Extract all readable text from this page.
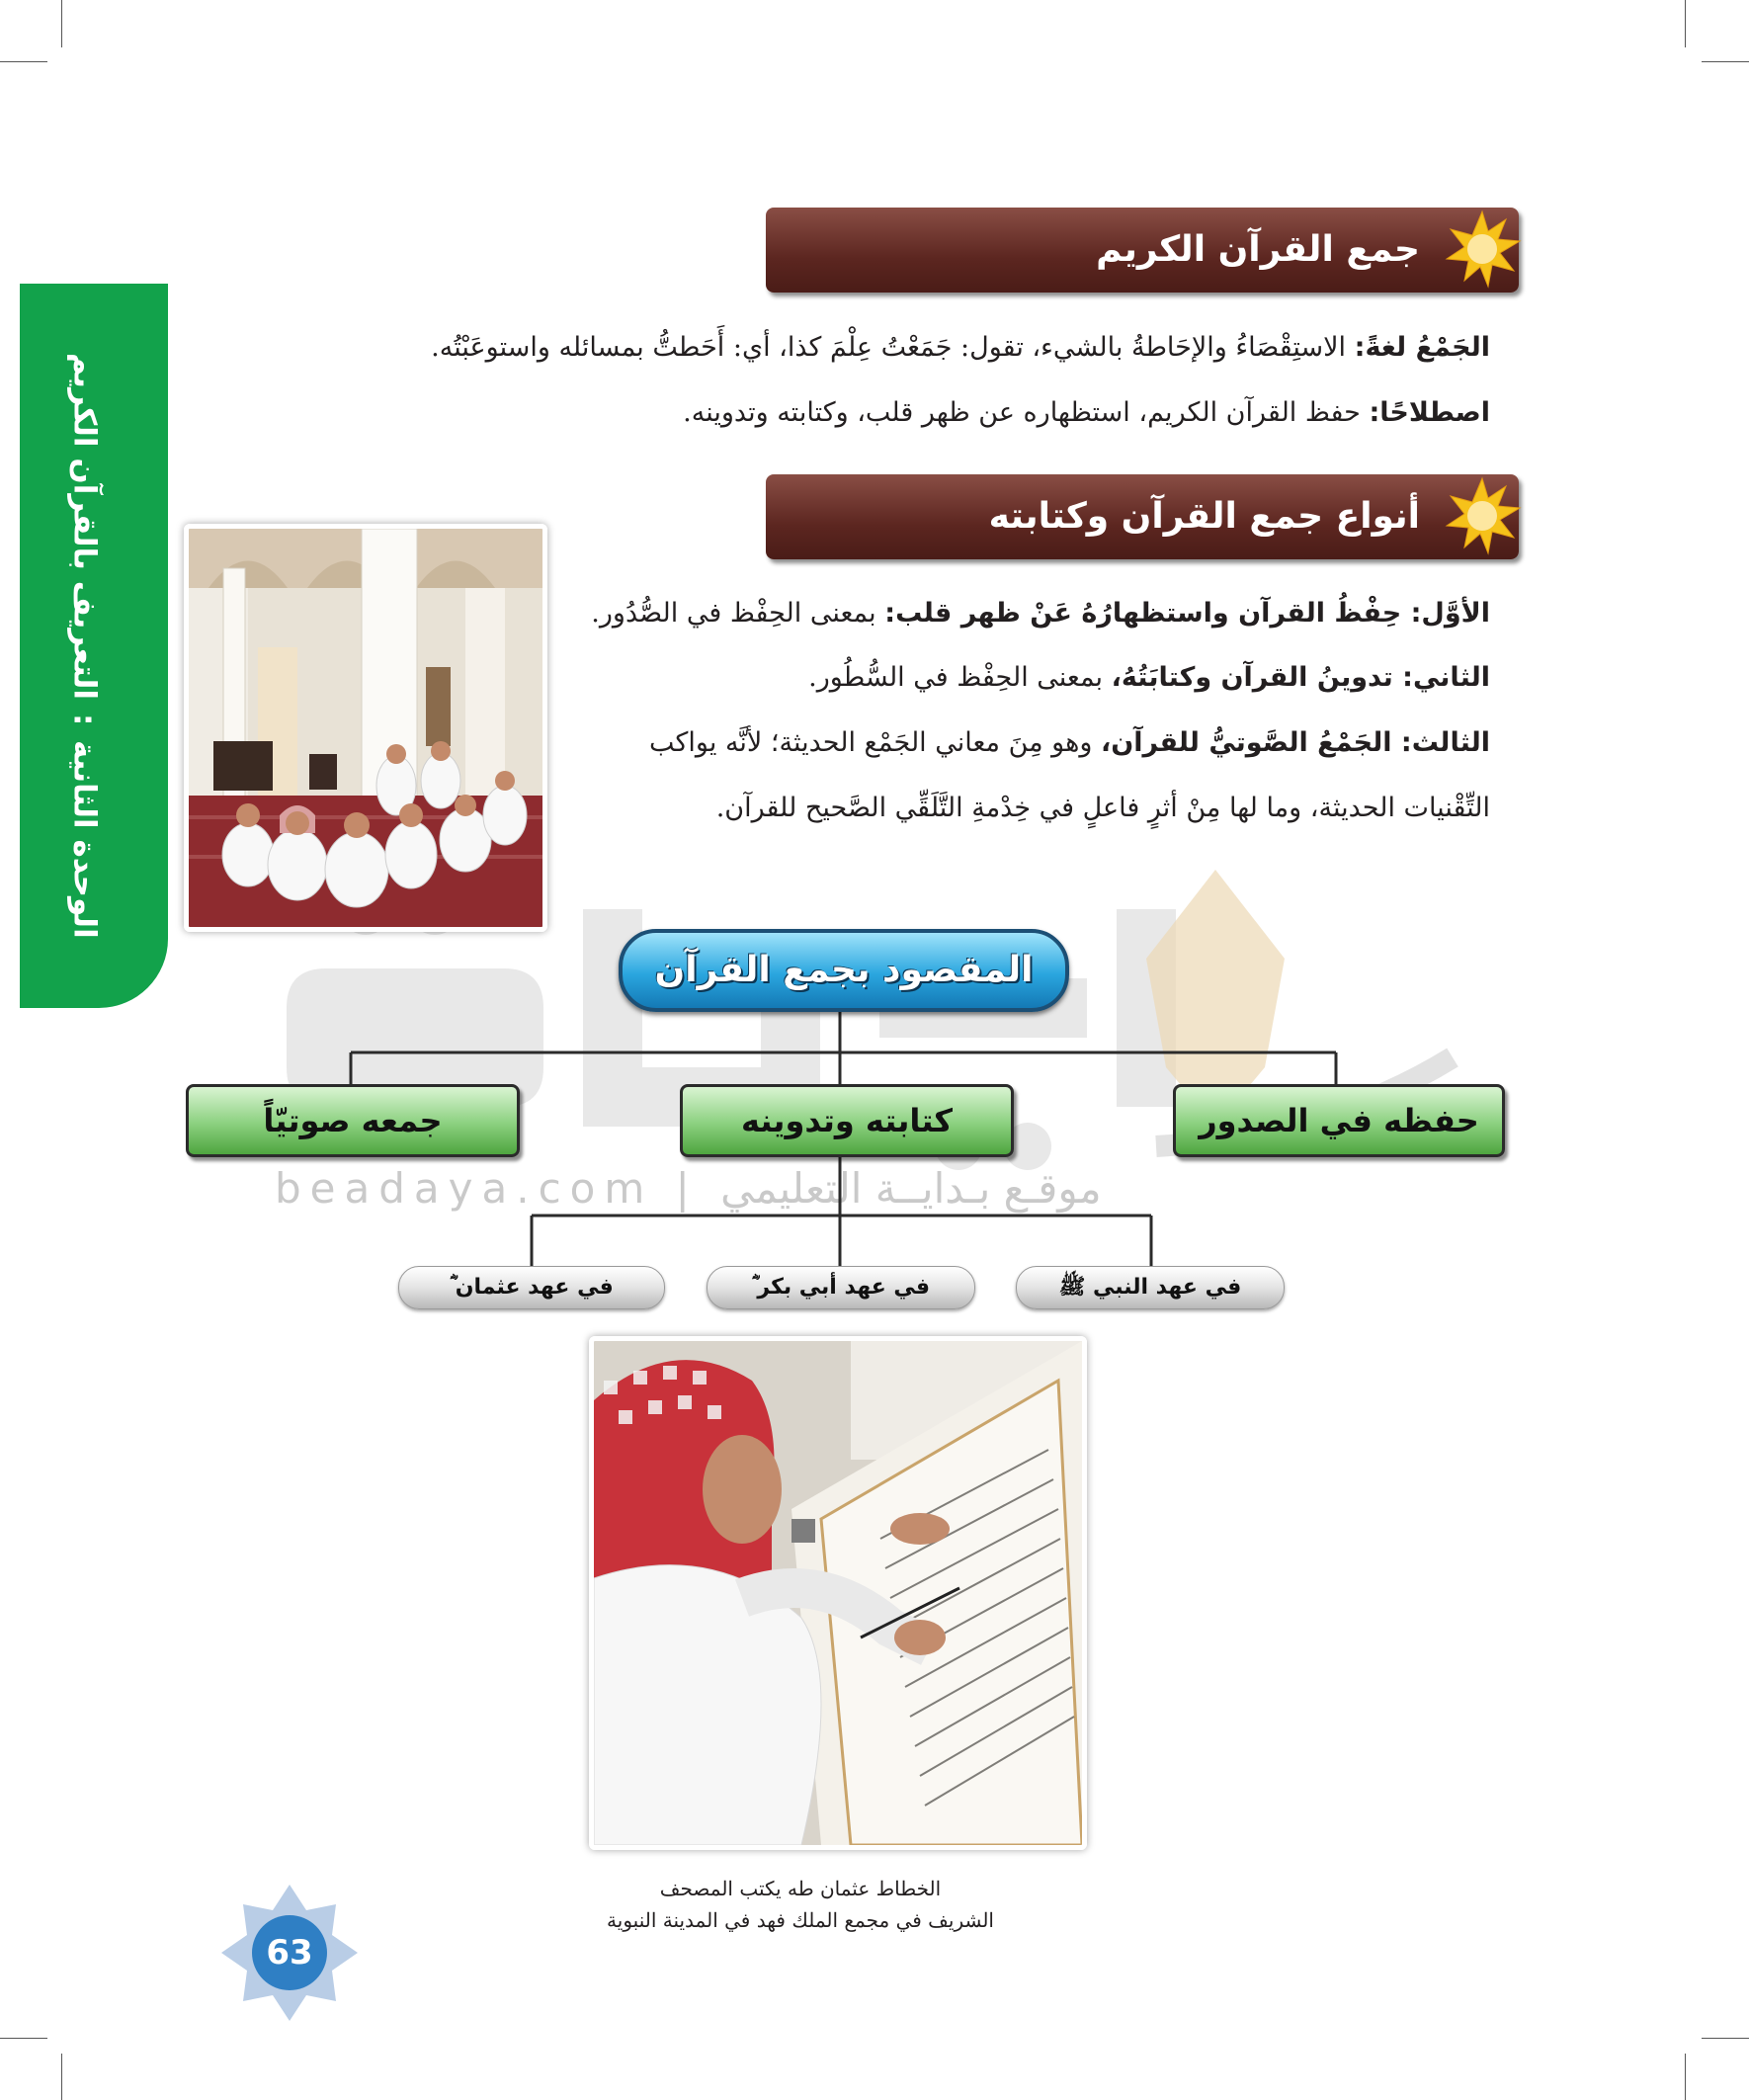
beadaya.com | موقـع بـدايــة التعليمي
الوحدة الثانية
:
التعريف بالقرآن الكريم
جمع القرآن الكريم
الجَمْعُ لغةً: الاستِقْصَاءُ والإحَاطةُ بالشيء، تقول: جَمَعْتُ عِلْمَ كذا، أي: أَحَطتُّ بمسائله واستوعَبْتُه.
اصطلاحًا: حفظ القرآن الكريم، استظهاره عن ظهر قلب، وكتابته وتدوينه.
أنواع جمع القرآن وكتابته
الأوَّل: حِفْظُ القرآن واستظهارُهُ عَنْ ظهر قلب: بمعنى الحِفْظ في الصُّدُور.
الثاني: تدوينُ القرآن وكتابَتُهُ، بمعنى الحِفْظ في السُّطُور.
الثالث: الجَمْعُ الصَّوتيُّ للقرآن، وهو مِنَ معاني الجَمْع الحديثة؛ لأنَّه يواكب
التِّقْنيات الحديثة، وما لها مِنْ أثرٍ فاعلٍ في خِدْمةِ التَّلَقِّي الصَّحيح للقرآن.
المقصود بجمع القرآن
حفظه في الصدور
كتابته وتدوينه
جمعه صوتيّاً
في عهد النبي ﷺ
في عهد أبي بكر ؓ
في عهد عثمان ؓ
الخطاط عثمان طه يكتب المصحف
الشريف في مجمع الملك فهد في المدينة النبوية
63
